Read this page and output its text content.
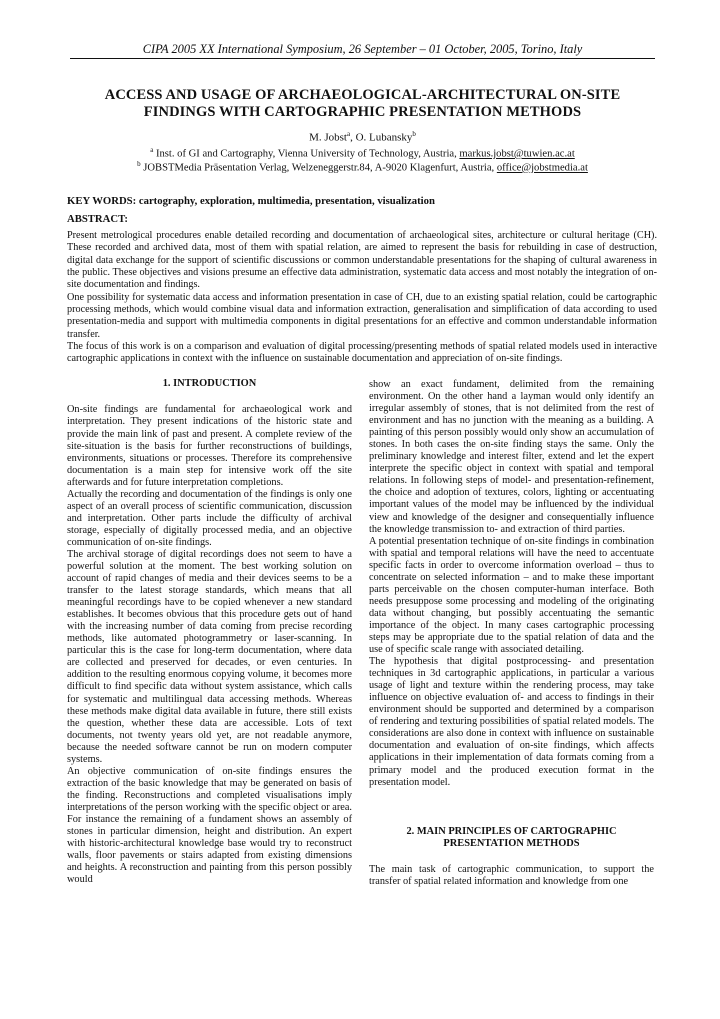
CIPA 2005 XX International Symposium, 26 September – 01 October, 2005, Torino, Italy
ACCESS AND USAGE OF ARCHAEOLOGICAL-ARCHITECTURAL ON-SITE FINDINGS WITH CARTOGRAPHIC PRESENTATION METHODS
M. Jobst$^a$, O. Lubansky$^b$
$^a$ Inst. of GI and Cartography, Vienna University of Technology, Austria, markus.jobst@tuwien.ac.at
$^b$ JOBSTMedia Präsentation Verlag, Welzeneggerstr.84, A-9020 Klagenfurt, Austria, office@jobstmedia.at
KEY WORDS: cartography, exploration, multimedia, presentation, visualization
ABSTRACT:

Present metrological procedures enable detailed recording and documentation of archaeological sites, architecture or cultural heritage (CH). These recorded and archived data, most of them with spatial relation, are aimed to represent the basis for rebuilding in case of destruction, digital data exchange for the support of scientific discussions or common understandable presentations for the shaping of cultural awareness in the public. These objectives and visions presume an effective data administration, systematic data access and most notably the integration of on-site documentation and findings.

One possibility for systematic data access and information presentation in case of CH, due to an existing spatial relation, could be cartographic processing methods, which would combine visual data and information extraction, generalisation and simplification of data according to used presentation-media and support with multimedia components in digital presentations for an effective and common understandable information transfer.

The focus of this work is on a comparison and evaluation of digital processing/presenting methods of spatial related models used in interactive cartographic applications in context with the influence on sustainable documentation and appreciation of on-site findings.

1. INTRODUCTION

On-site findings are fundamental for archaeological work and interpretation. They present indications of the historic state and provide the main link of past and present. A complete review of the site-situation is the basis for further reconstructions of buildings, environments, situations or processes. Therefore its comprehensive documentation is a main step for intensive work off the site afterwards and for future interpretation completions.

Actually the recording and documentation of the findings is only one aspect of an overall process of scientific communication, discussion and interpretation. Other parts include the difficulty of archival storage, especially of digitally processed media, and an objective communication of on-site findings.

The archival storage of digital recordings does not seem to have a powerful solution at the moment. The best working solution on account of rapid changes of media and their devices seems to be a transfer to the latest storage standards, which means that all meaningful recordings have to be copied whenever a new standard establishes. It becomes obvious that this procedure gets out of hand with the increasing number of data coming from precise recording methods, like automated photogrammetry or laser-scanning. In particular this is the case for long-term documentation, where data are collected and preserved for decades, or even centuries. In addition to the resulting enormous copying volume, it becomes more difficult to find specific data without system assistance, which calls for systematic and multilingual data accessing methods. Whereas these methods make digital data available in future, there still exists the question, whether these data are accessible. Lots of text documents, not twenty years old yet, are not readable anymore, because the needed software cannot be run on modern computer systems.

An objective communication of on-site findings ensures the extraction of the basic knowledge that may be generated on basis of the finding. Reconstructions and completed visualisations imply interpretations of the person working with the specific object or area. For instance the remaining of a fundament shows an assembly of stones in particular dimension, height and distribution. An expert with historic-architectural knowledge base would try to reconstruct walls, floor pavements or stairs adapted from existing dimensions and heights. A reconstruction and painting from this person possibly would

show an exact fundament, delimited from the remaining environment. On the other hand a layman would only identify an irregular assembly of stones, that is not delimited from the rest of environment and has no junction with the meaning as a building. A painting of this person possibly would only show an accumulation of stones. In both cases the on-site finding stays the same. Only the preliminary knowledge and interest filter, extend and let the expert interprete the specific object in context with spatial and temporal relations. In following steps of model- and presentation-refinement, the choice and adoption of textures, colors, lighting or accentuating important values of the model may be influenced by the individual view and knowledge of the designer and consequentially influence the knowledge transmission to- and extraction of third parties.

A potential presentation technique of on-site findings in combination with spatial and temporal relations will have the need to accentuate specific facts in order to overcome information overload – thus to concentrate on selected information – and to make these important parts perceivable on the chosen computer-human interface. Both needs presuppose some processing and modeling of the originating data without changing, but possibly accentuating the semantic importance of the object. In many cases cartographic processing steps may be appropriate due to the spatial relation of data and the use of specific scale range with associated detailing.

The hypothesis that digital postprocessing- and presentation techniques in 3d cartographic applications, in particular a various usage of light and texture within the rendering process, may take influence on objective evaluation of- and access to findings in their environment should be supported and determined by a comparison of rendering and texturing possibilities of spatial related models. The considerations are also done in context with influence on sustainable documentation and evaluation of on-site findings, which affects applications in their implementation of data formats coming from a primary model and the produced execution format in the presentation model.

2. MAIN PRINCIPLES OF CARTOGRAPHIC PRESENTATION METHODS

The main task of cartographic communication, to support the transfer of spatial related information and knowledge from one
